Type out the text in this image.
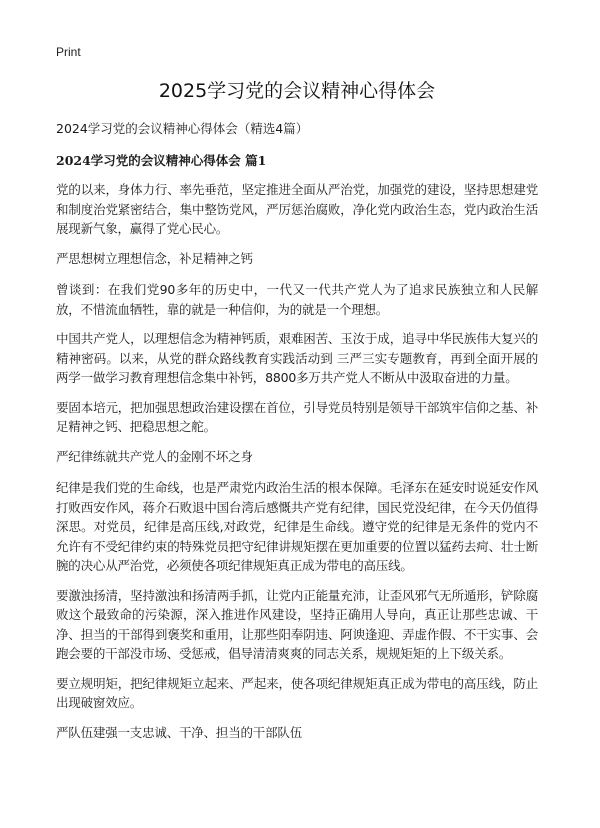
Print
2025学习党的会议精神心得体会
2024学习党的会议精神心得体会（精选4篇）
2024学习党的会议精神心得体会 篇1

党的以来，身体力行、率先垂范，坚定推进全面从严治党，加强党的建设，坚持思想建党和制度治党紧密结合，集中整饬党风，严厉惩治腐败，净化党内政治生态，党内政治生活展现新气象，赢得了党心民心。

严思想树立理想信念，补足精神之钙

曾谈到：在我们党90多年的历史中，一代又一代共产党人为了追求民族独立和人民解放，不惜流血牺牲，靠的就是一种信仰，为的就是一个理想。

中国共产党人，以理想信念为精神钙质，艰难困苦、玉汝于成，追寻中华民族伟大复兴的精神密码。以来，从党的群众路线教育实践活动到 三严三实专题教育，再到全面开展的两学一做学习教育理想信念集中补钙，8800多万共产党人不断从中汲取奋进的力量。

要固本培元，把加强思想政治建设摆在首位，引导党员特别是领导干部筑牢信仰之基、补足精神之钙、把稳思想之舵。

严纪律练就共产党人的金刚不坏之身

纪律是我们党的生命线，也是严肃党内政治生活的根本保障。毛泽东在延安时说延安作风打败西安作风，蒋介石败退中国台湾后感慨共产党有纪律，国民党没纪律，在今天仍值得深思。对党员，纪律是高压线,对政党，纪律是生命线。遵守党的纪律是无条件的党内不允许有不受纪律约束的特殊党员把守纪律讲规矩摆在更加重要的位置以猛药去疴、壮士断腕的决心从严治党，必须使各项纪律规矩真正成为带电的高压线。

要激浊扬清，坚持激浊和扬清两手抓，让党内正能量充沛，让歪风邪气无所遁形，铲除腐败这个最致命的污染源，深入推进作风建设，坚持正确用人导向，真正让那些忠诚、干净、担当的干部得到褒奖和重用，让那些阳奉阴违、阿谀逢迎、弄虚作假、不干实事、会跑会要的干部没市场、受惩戒，倡导清清爽爽的同志关系，规规矩矩的上下级关系。

要立规明矩，把纪律规矩立起来、严起来，使各项纪律规矩真正成为带电的高压线，防止出现破窗效应。

严队伍建强一支忠诚、干净、担当的干部队伍
